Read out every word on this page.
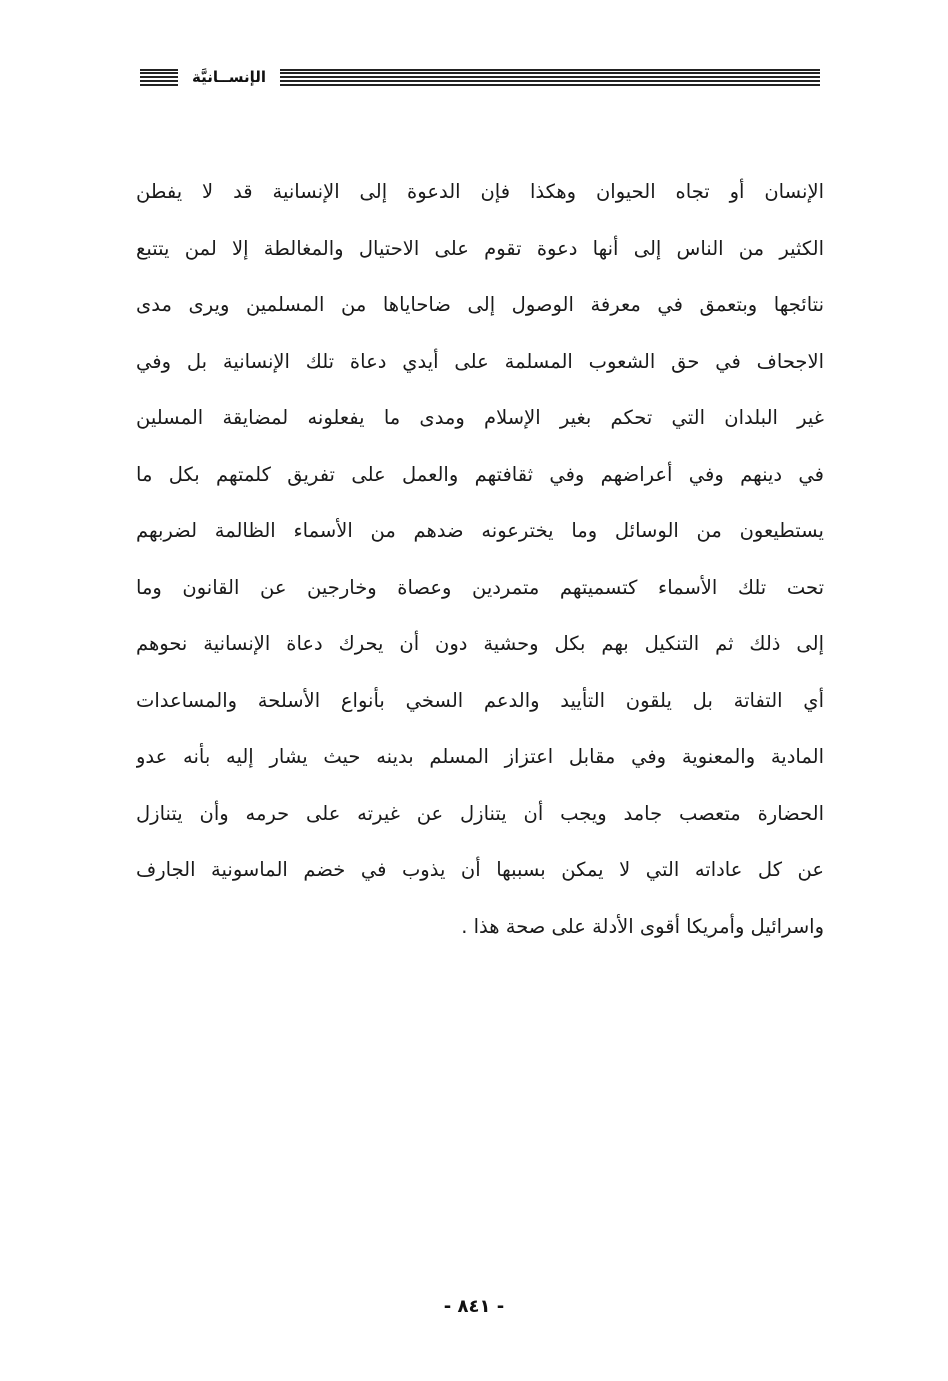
الإنســانيَّة
الإنسان أو تجاه الحيوان وهكذا فإن الدعوة إلى الإنسانية قد لا يفطن
الكثير من الناس إلى أنها دعوة تقوم على الاحتيال والمغالطة إلا لمن يتتبع
نتائجها وبتعمق في معرفة الوصول إلى ضاحاياها من المسلمين ويرى مدى
الاجحاف في حق الشعوب المسلمة على أيدي دعاة تلك الإنسانية بل وفي
غير البلدان التي تحكم بغير الإسلام ومدى ما يفعلونه لمضايقة المسلين
في دينهم وفي أعراضهم وفي ثقافتهم والعمل على تفريق كلمتهم بكل ما
يستطيعون من الوسائل وما يخترعونه ضدهم من الأسماء الظالمة لضربهم
تحت تلك الأسماء كتسميتهم متمردين وعصاة وخارجين عن القانون وما
إلى ذلك ثم التنكيل بهم بكل وحشية دون أن يحرك دعاة الإنسانية نحوهم
أي التفاتة بل يلقون التأييد والدعم السخي بأنواع الأسلحة والمساعدات
المادية والمعنوية وفي مقابل اعتزاز المسلم بدينه حيث يشار إليه بأنه عدو
الحضارة متعصب جامد ويجب أن يتنازل عن غيرته على حرمه وأن يتنازل
عن كل عاداته التي لا يمكن بسببها أن يذوب في خضم الماسونية الجارف
واسرائيل وأمريكا أقوى الأدلة على صحة هذا .
- ٨٤١ -
